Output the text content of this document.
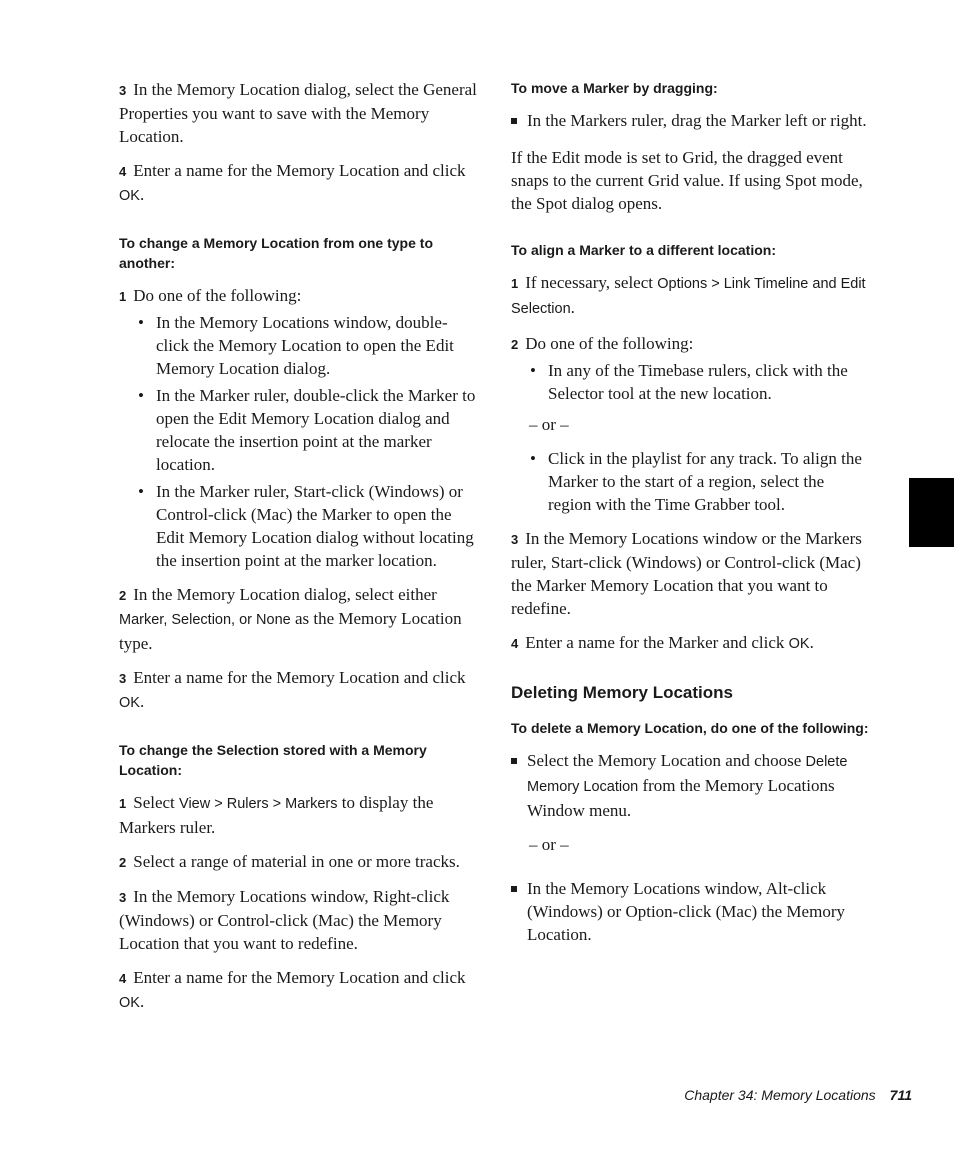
3 In the Memory Location dialog, select the General Properties you want to save with the Memory Location.

4 Enter a name for the Memory Location and click OK.

To change a Memory Location from one type to another:

1 Do one of the following:

• In the Memory Locations window, double-click the Memory Location to open the Edit Memory Location dialog.
• In the Marker ruler, double-click the Marker to open the Edit Memory Location dialog and relocate the insertion point at the marker location.
• In the Marker ruler, Start-click (Windows) or Control-click (Mac) the Marker to open the Edit Memory Location dialog without locating the insertion point at the marker location.

2 In the Memory Location dialog, select either Marker, Selection, or None as the Memory Location type.

3 Enter a name for the Memory Location and click OK.

To change the Selection stored with a Memory Location:

1 Select View > Rulers > Markers to display the Markers ruler.

2 Select a range of material in one or more tracks.

3 In the Memory Locations window, Right-click (Windows) or Control-click (Mac) the Memory Location that you want to redefine.

4 Enter a name for the Memory Location and click OK.

To move a Marker by dragging:

In the Markers ruler, drag the Marker left or right.

If the Edit mode is set to Grid, the dragged event snaps to the current Grid value. If using Spot mode, the Spot dialog opens.

To align a Marker to a different location:

1 If necessary, select Options > Link Timeline and Edit Selection.

2 Do one of the following:

• In any of the Timebase rulers, click with the Selector tool at the new location.

– or –

• Click in the playlist for any track. To align the Marker to the start of a region, select the region with the Time Grabber tool.

3 In the Memory Locations window or the Markers ruler, Start-click (Windows) or Control-click (Mac) the Marker Memory Location that you want to redefine.

4 Enter a name for the Marker and click OK.

Deleting Memory Locations

To delete a Memory Location, do one of the following:

Select the Memory Location and choose Delete Memory Location from the Memory Locations Window menu.

– or –

In the Memory Locations window, Alt-click (Windows) or Option-click (Mac) the Memory Location.

Chapter 34: Memory Locations 711
